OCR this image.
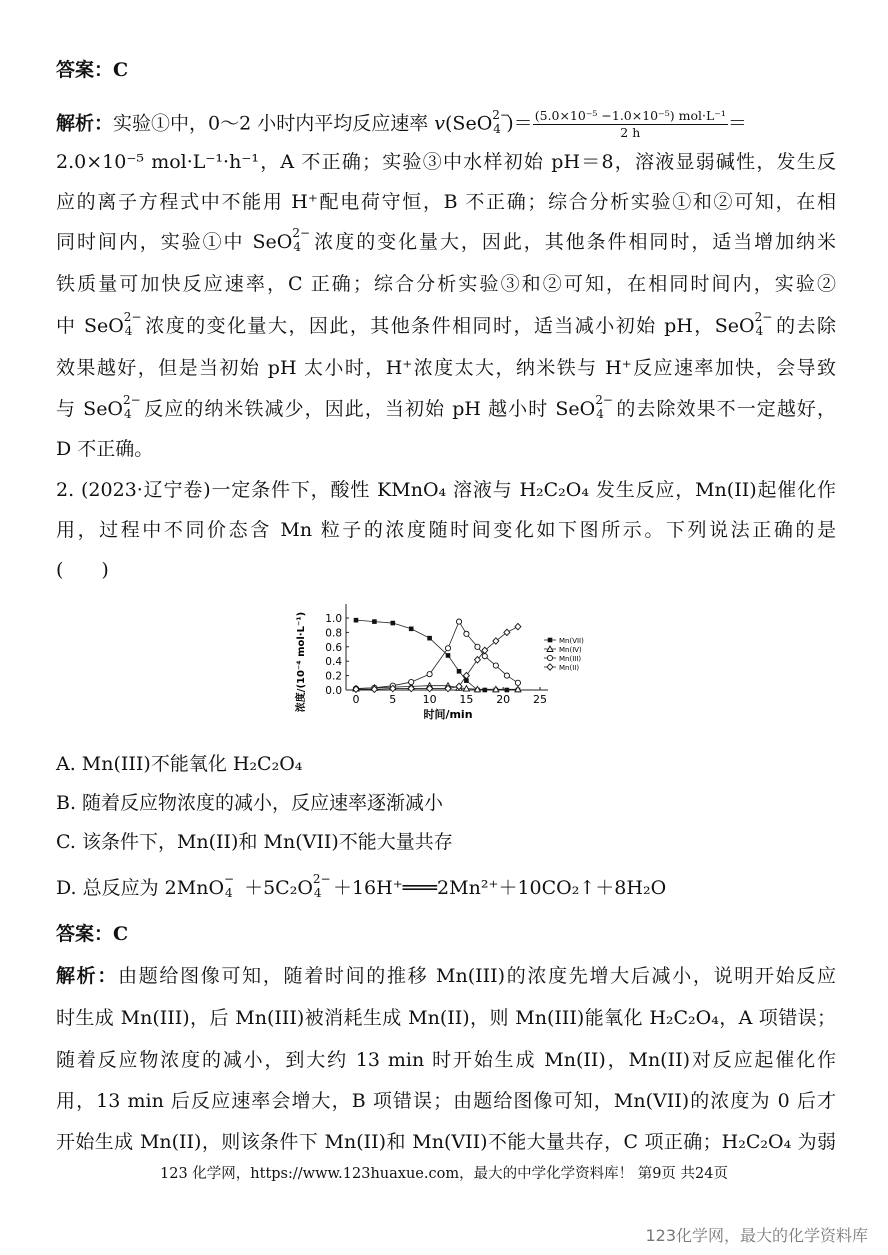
答案：C
解析：实验①中，0～2 小时内平均反应速率 v(SeO 2−
4 )＝ $\frac{\text{(5.0×10⁻⁵ −1.0×10⁻⁵) mol·L⁻¹}}{2 h}$ ＝
2.0×10⁻⁵ mol·L⁻¹·h⁻¹，A 不正确；实验③中水样初始 pH＝8，溶液显弱碱性，发生反
应的离子方程式中不能用 H⁺配电荷守恒，B 不正确；综合分析实验①和②可知，在相
同时间内，实验①中 SeO 2−
4 浓度的变化量大，因此，其他条件相同时，适当增加纳米
铁质量可加快反应速率，C 正确；综合分析实验③和②可知，在相同时间内，实验②
中 SeO 2−
4 浓度的变化量大，因此，其他条件相同时，适当减小初始 pH，SeO 2−
4 的去除
效果越好，但是当初始 pH 太小时，H⁺浓度太大，纳米铁与 H⁺反应速率加快，会导致
与 SeO 2−
4 反应的纳米铁减少，因此，当初始 pH 越小时 SeO 2−
4 的去除效果不一定越好，
D 不正确。
2. (2023·辽宁卷)一定条件下，酸性 KMnO₄ 溶液与 H₂C₂O₄ 发生反应，Mn(II)起催化作
用，过程中不同价态含 Mn 粒子的浓度随时间变化如下图所示。下列说法正确的是
(　　)
0	5 10 15 20 25
0.0
0.2
0.4
0.6
0.8
1.0
时间/min
浓度/(10⁻⁴ mol·L⁻¹)	Mn(VII)
Mn(IV)
Mn(III)
Mn(II)
A. Mn(III)不能氧化 H₂C₂O₄
B. 随着反应物浓度的减小，反应速率逐渐减小
C. 该条件下，Mn(II)和 Mn(VII)不能大量共存
D. 总反应为 2MnO −
4 ＋5C₂O 2−
4 ＋16H⁺═══2Mn²⁺＋10CO₂↑＋8H₂O
答案：C
解析：由题给图像可知，随着时间的推移 Mn(III)的浓度先增大后减小，说明开始反应
时生成 Mn(III)，后 Mn(III)被消耗生成 Mn(II)，则 Mn(III)能氧化 H₂C₂O₄，A 项错误；
随着反应物浓度的减小，到大约 13 min 时开始生成 Mn(II)，Mn(II)对反应起催化作
用，13 min 后反应速率会增大，B 项错误；由题给图像可知，Mn(VII)的浓度为 0 后才
开始生成 Mn(II)，则该条件下 Mn(II)和 Mn(VII)不能大量共存，C 项正确；H₂C₂O₄ 为弱
123 化学网，https://www.123huaxue.com，最大的中学化学资料库！ 第9页 共24页
123化学网，最大的化学资料库
